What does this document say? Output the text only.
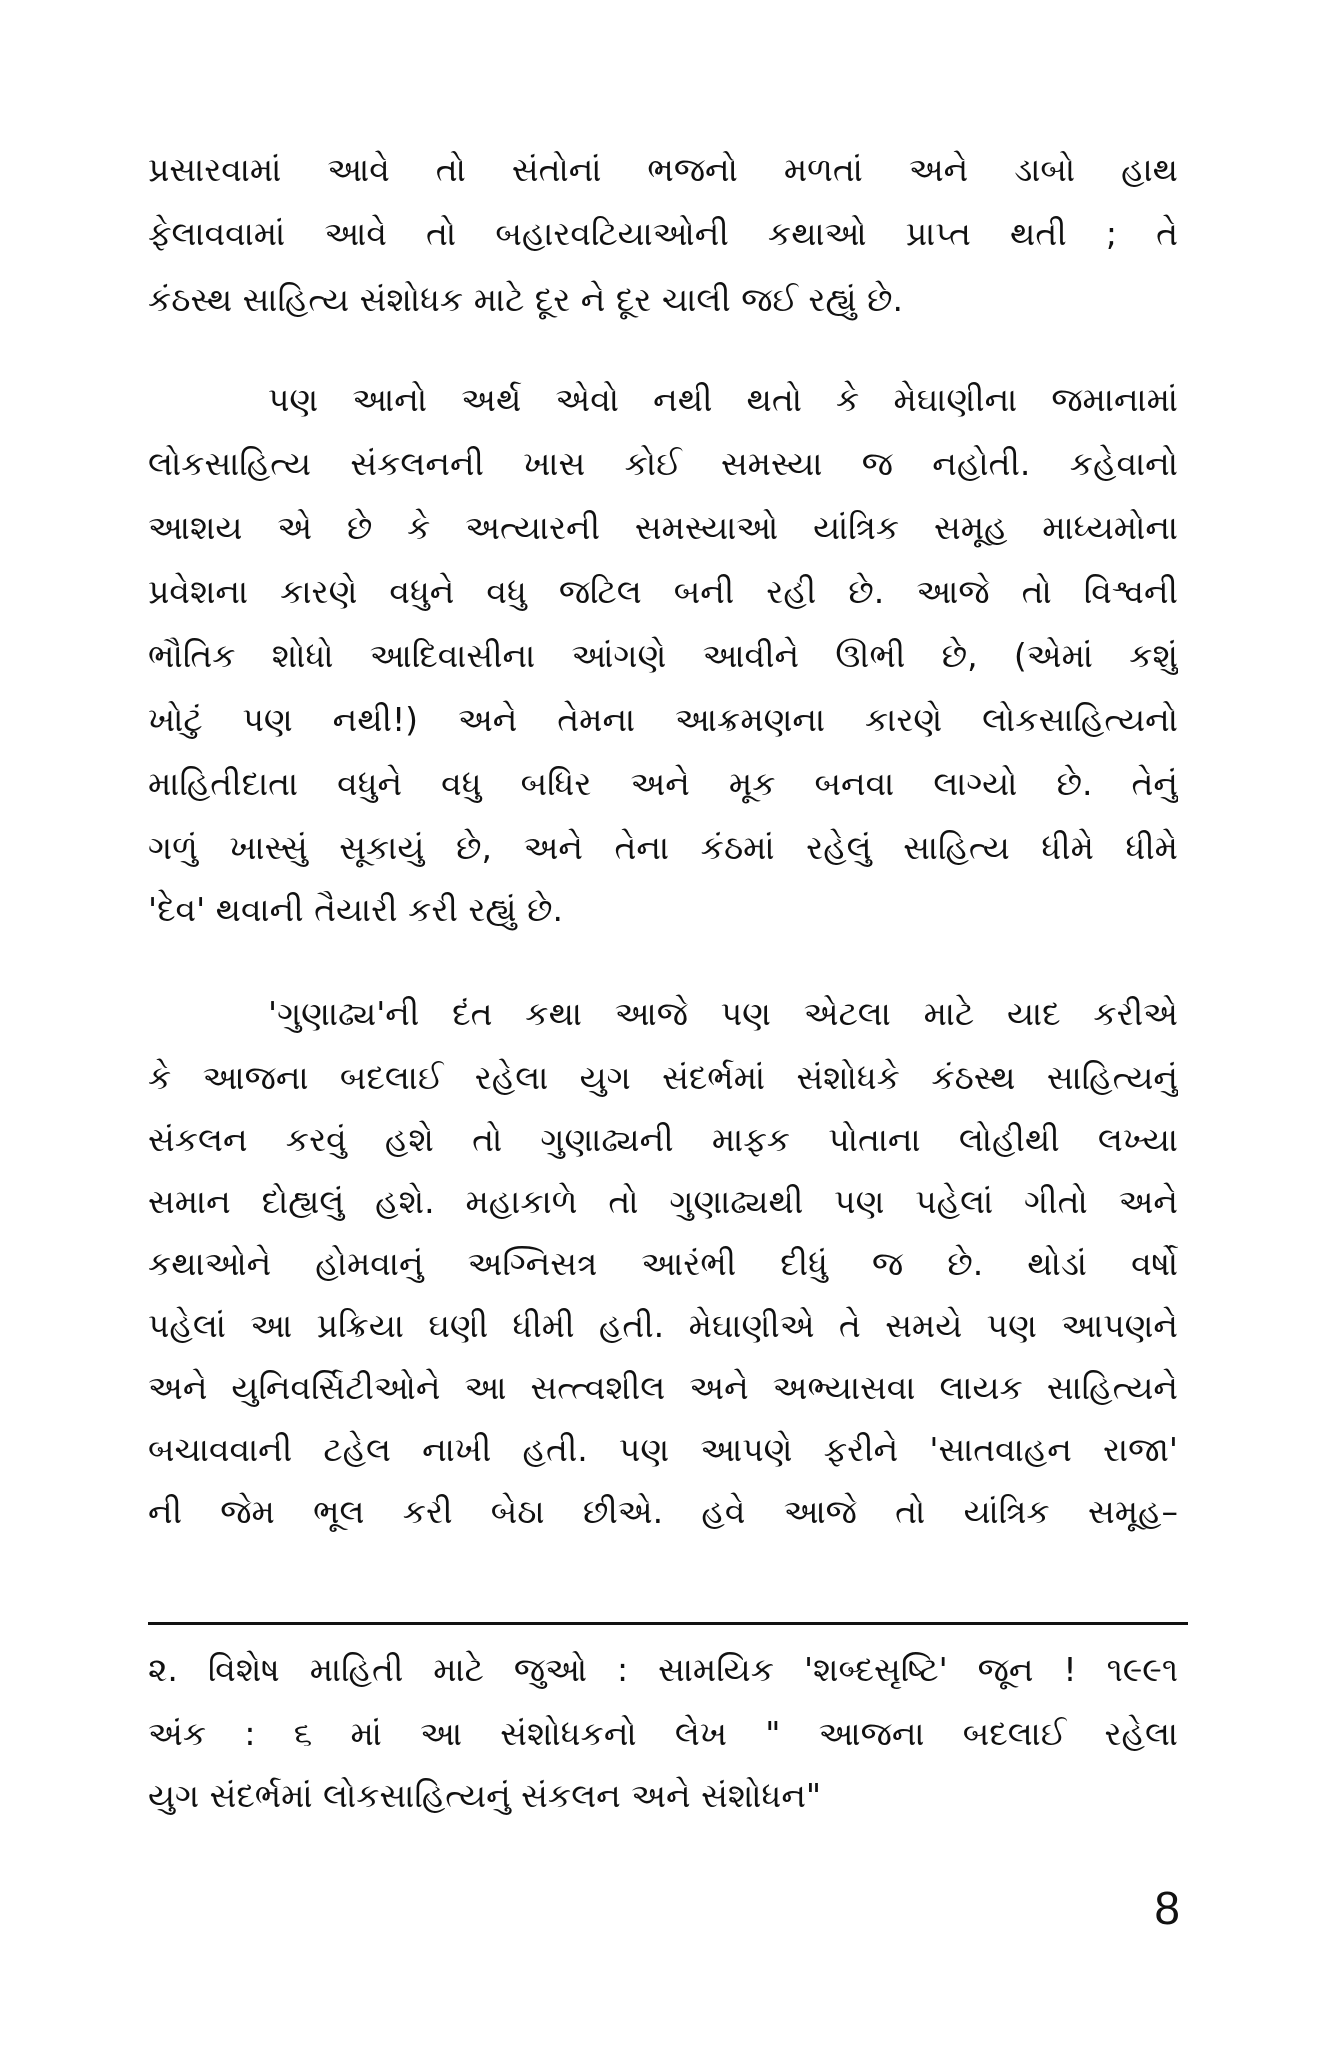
પ્રસારવામાં આવે તો સંતોનાં ભજનો મળતાં અને ડાબો હાથ
ફેલાવવામાં આવે તો બહારવટિયાઓની કથાઓ પ્રાપ્ત થતી ; તે
કંઠસ્થ સાહિત્ય સંશોધક માટે દૂર ને દૂર ચાલી જઈ રહ્યું છે.
પણ આનો અર્થ એવો નથી થતો કે મેઘાણીના જમાનામાં
લોકસાહિત્ય સંકલનની ખાસ કોઈ સમસ્યા જ નહોતી. કહેવાનો
આશય એ છે કે અત્યારની સમસ્યાઓ યાંત્રિક સમૂહ માધ્યમોના
પ્રવેશના કારણે વધુને વધુ જટિલ બની રહી છે. આજે તો વિશ્વની
ભૌતિક શોધો આદિવાસીના આંગણે આવીને ઊભી છે, (એમાં કશું
ખોટું પણ નથી!) અને તેમના આક્રમણના કારણે લોકસાહિત્યનો
માહિતીદાતા વધુને વધુ બધિર અને મૂક બનવા લાગ્યો છે. તેનું
ગળું ખાસ્સું સૂકાયું છે, અને તેના કંઠમાં રહેલું સાહિત્ય ધીમે ધીમે
'દેવ' થવાની તૈયારી કરી રહ્યું છે.
'ગુણાઢ્ય'ની દંત કથા આજે પણ એટલા માટે યાદ કરીએ
કે આજના બદલાઈ રહેલા યુગ સંદર્ભમાં સંશોધકે કંઠસ્થ સાહિત્યનું
સંકલન કરવું હશે તો ગુણાઢ્યની માફક પોતાના લોહીથી લખ્યા
સમાન દોહ્યલું હશે. મહાકાળે તો ગુણાઢ્યથી પણ પહેલાં ગીતો અને
કથાઓને હોમવાનું અગ્નિસત્ર આરંભી દીધું જ છે. થોડાં વર્ષો
પહેલાં આ પ્રક્રિયા ઘણી ધીમી હતી. મેઘાણીએ તે સમયે પણ આપણને
અને યુનિવર્સિટીઓને આ સત્ત્વશીલ અને અભ્યાસવા લાયક સાહિત્યને
બચાવવાની ટહેલ નાખી હતી. પણ આપણે ફરીને 'સાતવાહન રાજા'
ની જેમ ભૂલ કરી બેઠા છીએ. હવે આજે તો યાંત્રિક સમૂહ–
૨. વિશેષ માહિતી માટે જુઓ : સામયિક 'શબ્દસૃષ્ટિ' જૂન ! ૧૯૯૧
અંક : ૬ માં આ સંશોધકનો લેખ " આજના બદલાઈ રહેલા
યુગ સંદર્ભમાં લોકસાહિત્યનું સંકલન અને સંશોધન"
8
